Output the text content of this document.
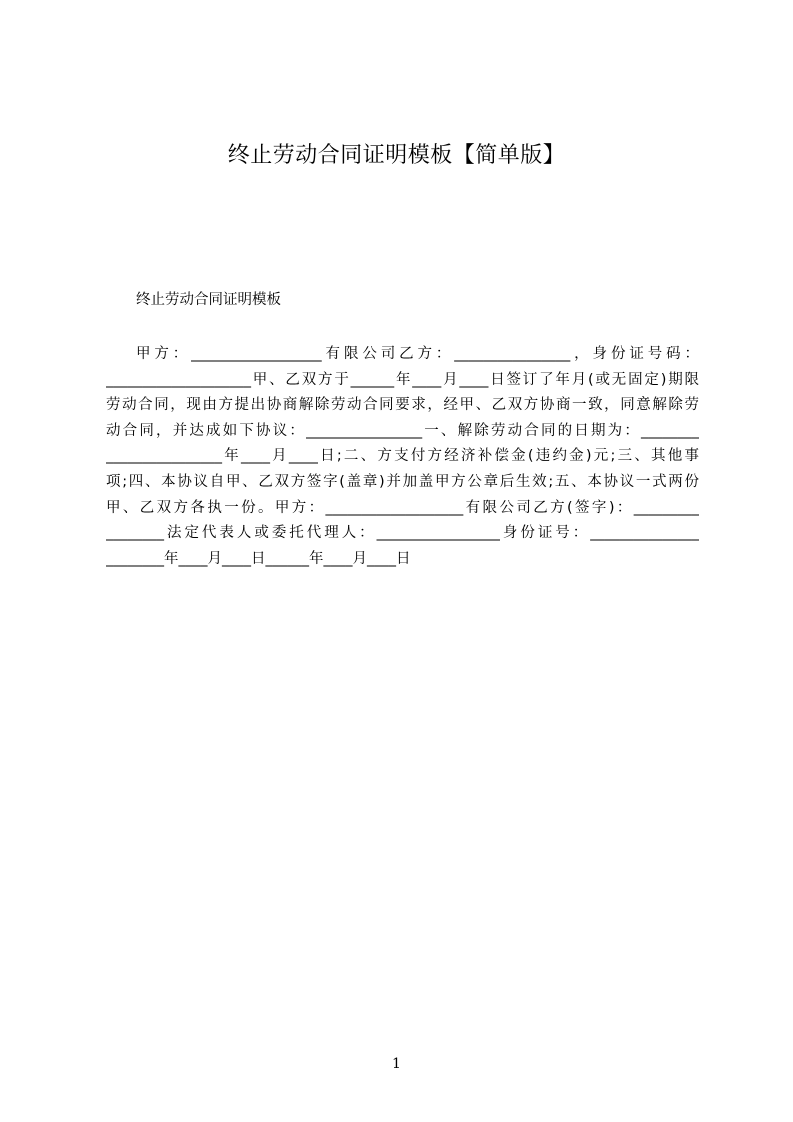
终止劳动合同证明模板【简单版】
终止劳动合同证明模板
甲方：__________________有限公司乙方：________________，身份证号码：
____________________甲、乙双方于______年____月____日签订了年月(或无固定)期限
劳动合同，现由方提出协商解除劳动合同要求，经甲、乙双方协商一致，同意解除劳
动合同，并达成如下协议：________________一、解除劳动合同的日期为：________
________________年____月____日;二、方支付方经济补偿金(违约金)元;三、其他事
项;四、本协议自甲、乙双方签字(盖章)并加盖甲方公章后生效;五、本协议一式两份
甲、乙双方各执一份。甲方：___________________有限公司乙方(签字)：_________
________法定代表人或委托代理人：_________________身份证号：_______________
________年____月____日______年____月____日
1
